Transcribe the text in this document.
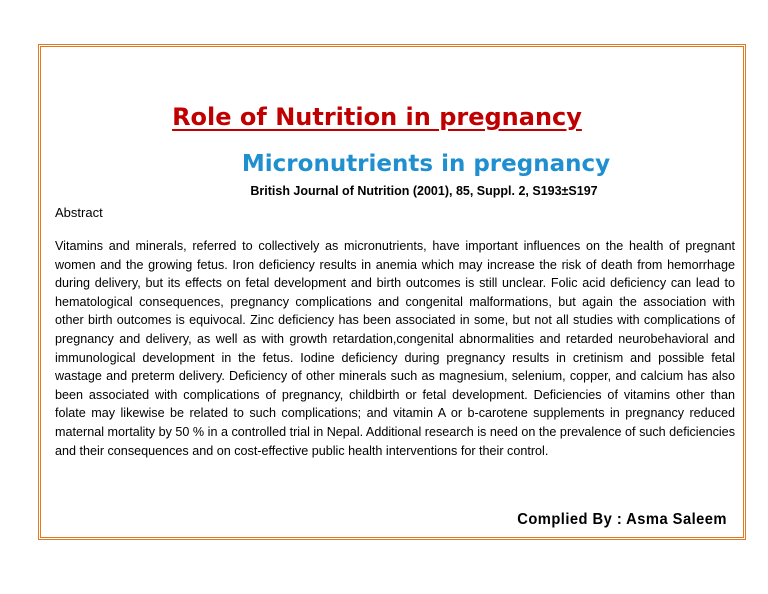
Role of Nutrition in pregnancy
Micronutrients in pregnancy
British Journal of Nutrition (2001), 85, Suppl. 2, S193±S197
Abstract

Vitamins and minerals, referred to collectively as micronutrients, have important influences on the health of pregnant women and the growing fetus. Iron deficiency results in anemia which may increase the risk of death from hemorrhage during delivery, but its effects on fetal development and birth outcomes is still unclear. Folic acid deficiency can lead to hematological consequences, pregnancy complications and congenital malformations, but again the association with other birth outcomes is equivocal. Zinc deficiency has been associated in some, but not all studies with complications of pregnancy and delivery, as well as with growth retardation,congenital abnormalities and retarded neurobehavioral and immunological development in the fetus. Iodine deficiency during pregnancy results in cretinism and possible fetal wastage and preterm delivery. Deficiency of other minerals such as magnesium, selenium, copper, and calcium has also been associated with complications of pregnancy, childbirth or fetal development. Deficiencies of vitamins other than folate may likewise be related to such complications; and vitamin A or b-carotene supplements in pregnancy reduced maternal mortality by 50 % in a controlled trial in Nepal. Additional research is need on the prevalence of such deficiencies and their consequences and on cost-effective public health interventions for their control.

Complied By : Asma Saleem
